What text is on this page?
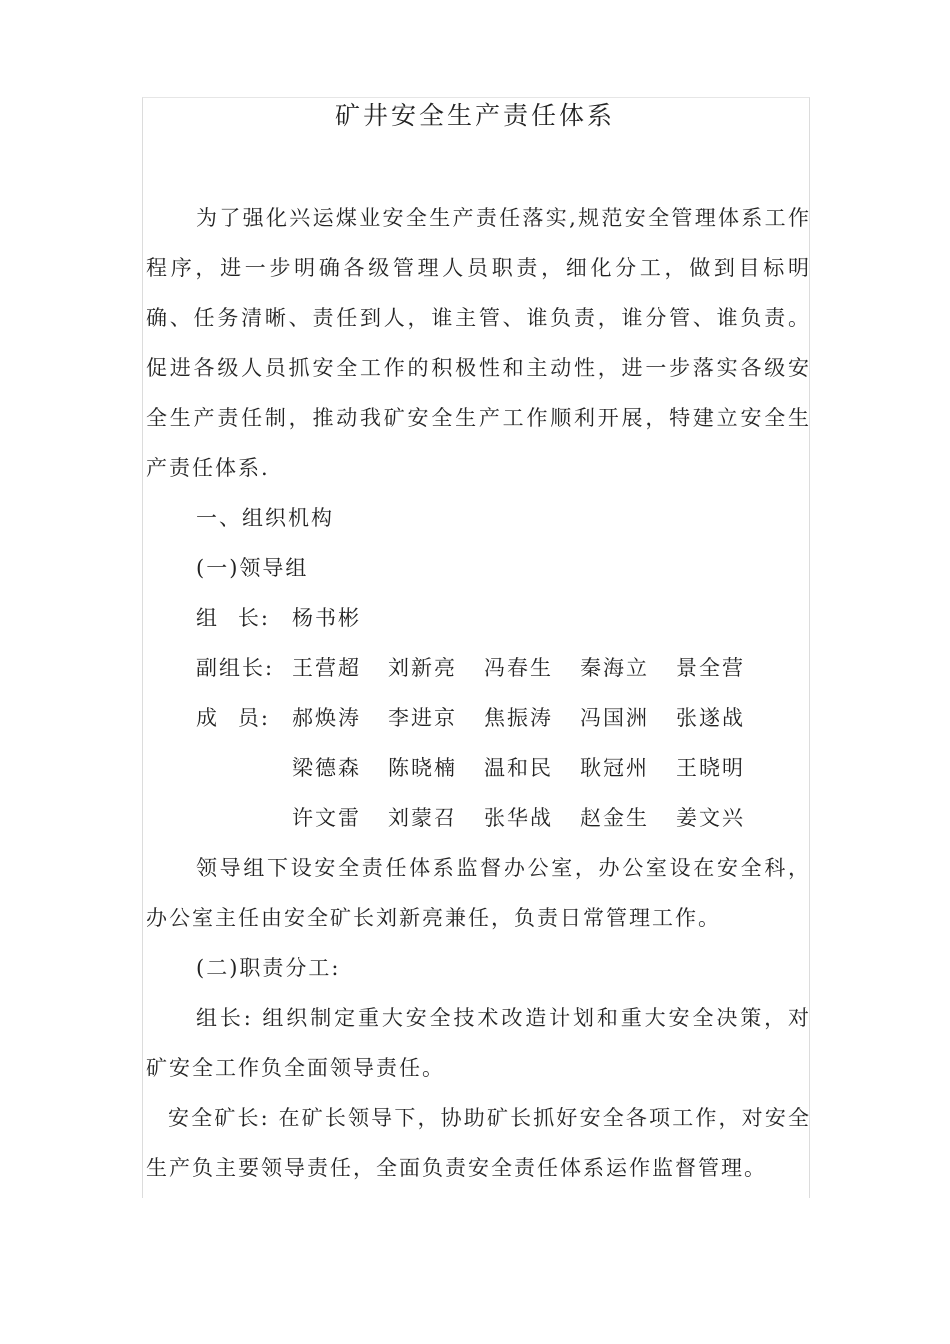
矿井安全生产责任体系

为了强化兴运煤业安全生产责任落实,规范安全管理体系工作程序，进一步明确各级管理人员职责，细化分工，做到目标明确、任务清晰、责任到人，谁主管、谁负责，谁分管、谁负责。促进各级人员抓安全工作的积极性和主动性，进一步落实各级安全生产责任制，推动我矿安全生产工作顺利开展，特建立安全生产责任体系.

一、组织机构

(一)领导组

组 长: 杨书彬
副组长: 王营超	刘新亮	冯春生	秦海立	景全营
成 员: 郝焕涛	李进京	焦振涛	冯国洲	张遂战
梁德森	陈晓楠	温和民	耿冠州	王晓明
许文雷	刘蒙召	张华战	赵金生	姜文兴

领导组下设安全责任体系监督办公室，办公室设在安全科，办公室主任由安全矿长刘新亮兼任，负责日常管理工作。

(二)职责分工:

组长: 组织制定重大安全技术改造计划和重大安全决策，对矿安全工作负全面领导责任。

安全矿长: 在矿长领导下，协助矿长抓好安全各项工作，对安全生产负主要领导责任，全面负责安全责任体系运作监督管理。
